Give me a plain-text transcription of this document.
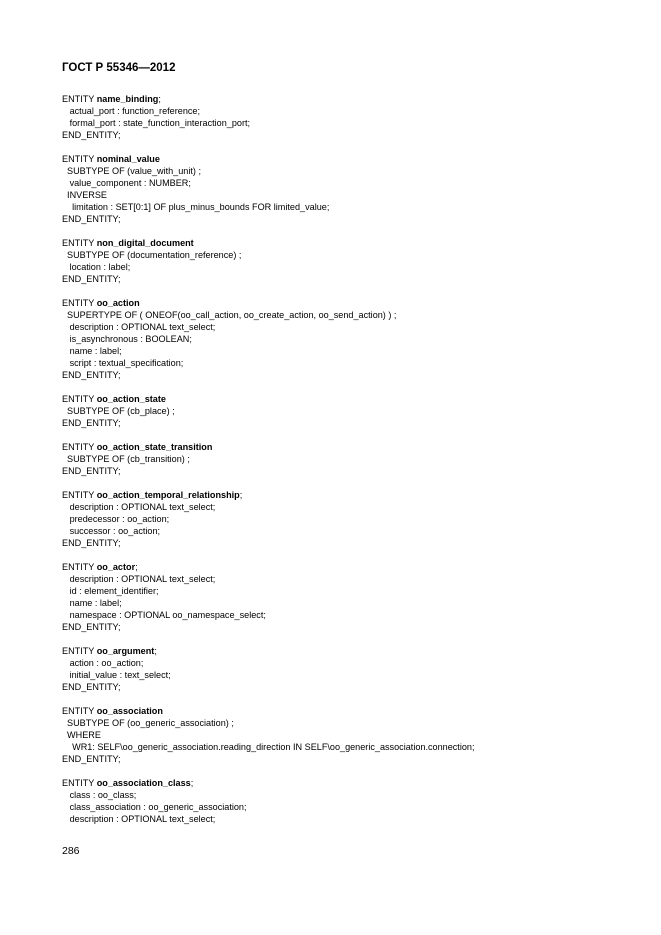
ГОСТ Р 55346—2012
ENTITY name_binding;
actual_port : function_reference;
formal_port : state_function_interaction_port;
END_ENTITY;
ENTITY nominal_value
SUBTYPE OF (value_with_unit) ;
value_component : NUMBER;
INVERSE
limitation : SET[0:1] OF plus_minus_bounds FOR limited_value;
END_ENTITY;
ENTITY non_digital_document
SUBTYPE OF (documentation_reference) ;
location : label;
END_ENTITY;
ENTITY oo_action
SUPERTYPE OF ( ONEOF(oo_call_action, oo_create_action, oo_send_action) ) ;
description : OPTIONAL text_select;
is_asynchronous : BOOLEAN;
name : label;
script : textual_specification;
END_ENTITY;
ENTITY oo_action_state
SUBTYPE OF (cb_place) ;
END_ENTITY;
ENTITY oo_action_state_transition
SUBTYPE OF (cb_transition) ;
END_ENTITY;
ENTITY oo_action_temporal_relationship;
description : OPTIONAL text_select;
predecessor : oo_action;
successor : oo_action;
END_ENTITY;
ENTITY oo_actor;
description : OPTIONAL text_select;
id : element_identifier;
name : label;
namespace : OPTIONAL oo_namespace_select;
END_ENTITY;
ENTITY oo_argument;
action : oo_action;
initial_value : text_select;
END_ENTITY;
ENTITY oo_association
SUBTYPE OF (oo_generic_association) ;
WHERE
WR1: SELF\oo_generic_association.reading_direction IN SELF\oo_generic_association.connection;
END_ENTITY;
ENTITY oo_association_class;
class : oo_class;
class_association : oo_generic_association;
description : OPTIONAL text_select;
286
